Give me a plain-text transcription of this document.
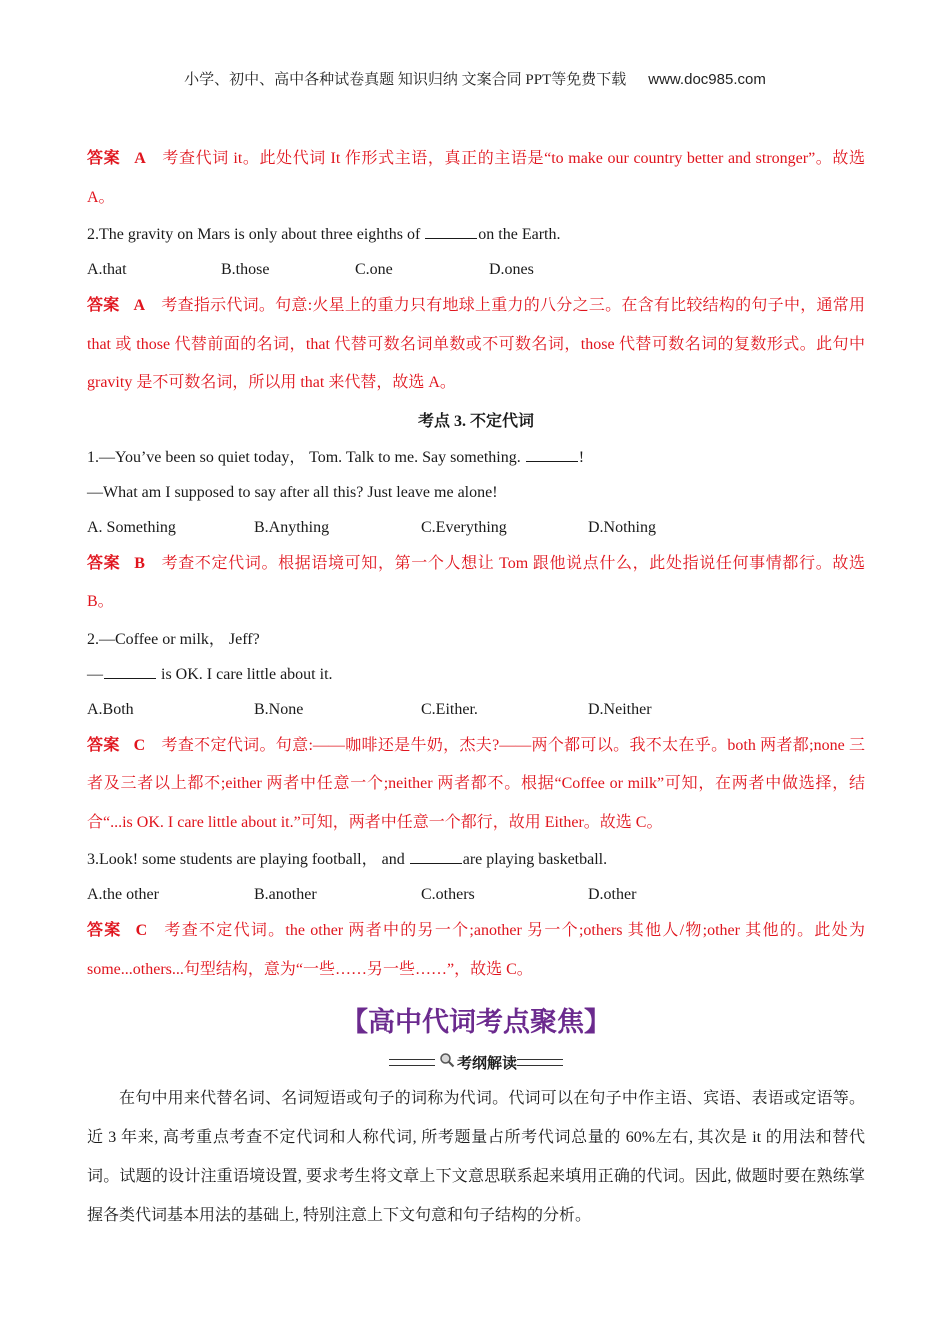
小学、初中、高中各种试卷真题 知识归纳 文案合同 PPT等免费下载 www.doc985.com

答案 A 考查代词 it。此处代词 It 作形式主语，真正的主语是“to make our country better and stronger”。故选 A。

2.The gravity on Mars is only about three eighths of	on the Earth.

A.that	B.those	C.one	D.ones

答案 A 考查指示代词。句意:火星上的重力只有地球上重力的八分之三。在含有比较结构的句子中，通常用 that 或 those 代替前面的名词，that 代替可数名词单数或不可数名词，those 代替可数名词的复数形式。此句中 gravity 是不可数名词，所以用 that 来代替，故选 A。

考点 3. 不定代词

1.—You’ve been so quiet today， Tom. Talk to me. Say something.	!

—What am I supposed to say after all this? Just leave me alone!

A. Something	B.Anything	C.Everything	D.Nothing

答案 B 考查不定代词。根据语境可知，第一个人想让 Tom 跟他说点什么，此处指说任何事情都行。故选 B。

2.—Coffee or milk， Jeff?

—	is OK. I care little about it.

A.Both	B.None	C.Either.	D.Neither

答案 C 考查不定代词。句意:——咖啡还是牛奶，杰夫?——两个都可以。我不太在乎。both 两者都;none 三者及三者以上都不;either 两者中任意一个;neither 两者都不。根据“Coffee or milk”可知，在两者中做选择，结合“...is OK. I care little about it.”可知，两者中任意一个都行，故用 Either。故选 C。

3.Look! some students are playing football， and	are playing basketball.

A.the other	B.another	C.others	D.other

答案 C 考查不定代词。the other 两者中的另一个;another 另一个;others 其他人/物;other 其他的。此处为 some...others...句型结构，意为“一些……另一些……”，故选 C。

【高中代词考点聚焦】
考纲解读

在句中用来代替名词、名词短语或句子的词称为代词。代词可以在句子中作主语、宾语、表语或定语等。近 3 年来, 高考重点考查不定代词和人称代词, 所考题量占所考代词总量的 60%左右, 其次是 it 的用法和替代词。试题的设计注重语境设置, 要求考生将文章上下文意思联系起来填用正确的代词。因此, 做题时要在熟练掌握各类代词基本用法的基础上, 特别注意上下文句意和句子结构的分析。
